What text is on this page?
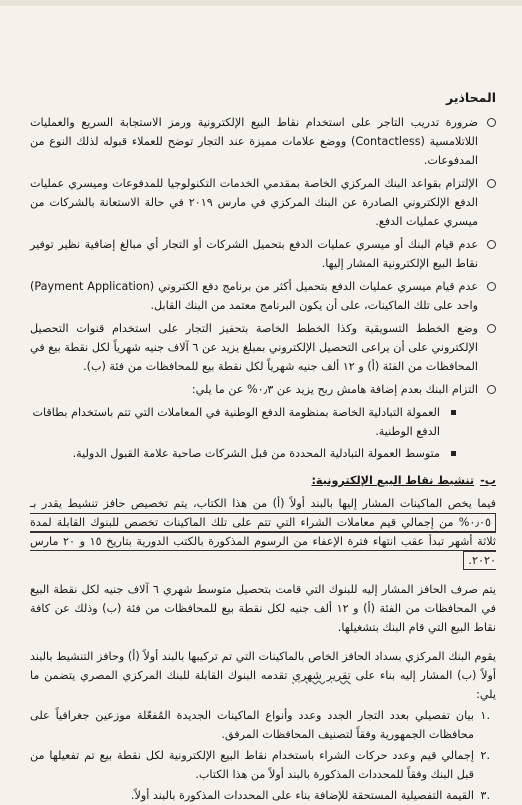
المحاذير
ضرورة تدريب التاجر على استخدام نقاط البيع الإلكترونية ورمز الاستجابة السريع والعمليات اللاتلامسية (Contactless) ووضع علامات مميزة عند التجار توضح للعملاء قبوله لذلك النوع من المدفوعات.
الإلتزام بقواعد البنك المركزي الخاصة بمقدمي الخدمات التكنولوجيا للمدفوعات وميسري عمليات الدفع الإلكتروني الصادرة عن البنك المركزي في مارس ٢٠١٩ في حالة الاستعانة بالشركات من ميسري عمليات الدفع.
عدم قيام البنك أو ميسري عمليات الدفع بتحميل الشركات أو التجار أي مبالغ إضافية نظير توفير نقاط البيع الإلكترونية المشار إليها.
عدم قيام ميسري عمليات الدفع بتحميل أكثر من برنامج دفع الكتروني (Payment Application) واحد على تلك الماكينات، على أن يكون البرنامج معتمد من البنك القابل.
وضع الخطط التسويقية وكذا الخطط الخاصة بتحفيز التجار على استخدام قنوات التحصيل الإلكتروني على أن يراعى التحصيل الإلكتروني بمبلغ يزيد عن ٦ آلاف جنيه شهرياً لكل نقطة بيع في المحافظات من الفئة (أ) و ١٢ ألف جنيه شهرياً لكل نقطة بيع للمحافظات من فئة (ب).
التزام البنك بعدم إضافة هامش ربح يزيد عن ٠٫٣% عن ما يلي:
العمولة التبادلية الخاصة بمنظومة الدفع الوطنية في المعاملات التي تتم باستخدام بطاقات الدفع الوطنية.
متوسط العمولة التبادلية المحددة من قبل الشركات صاحبة علامة القبول الدولية.
ب-تنشيط نقاط البيع الإلكترونية:

فيما يخص الماكينات المشار إليها بالبند أولاً (أ) من هذا الكتاب، يتم تخصيص حافز تنشيط يقدر بـ ٠٫٠٥% من إجمالي قيم معاملات الشراء التي تتم على تلك الماكينات تخصص للبنوك القابلة لمدة ثلاثة أشهر تبدأ عقب انتهاء فترة الإعفاء من الرسوم المذكورة بالكتب الدورية بتاريخ ١٥ و ٢٠ مارس ٢٠٢٠.

يتم صرف الحافز المشار إليه للبنوك التي قامت بتحصيل متوسط شهري ٦ آلاف جنيه لكل نقطة البيع في المحافظات من الفئة (أ) و ١٢ ألف جنيه لكل نقطة بيع للمحافظات من فئة (ب) وذلك عن كافة نقاط البيع التي قام البنك بتشغيلها.

يقوم البنك المركزي بسداد الحافز الخاص بالماكينات التي تم تركيبها بالبند أولاً (أ) وحافز التنشيط بالبند أولاً (ب) المشار إليه بناء على تقرير شهري تقدمه البنوك القابلة للبنك المركزي المصري يتضمن ما يلي:

.١
بيان تفصيلي بعدد التجار الجدد وعدد وأنواع الماكينات الجديدة المُفعّلة موزعين جغرافياً على محافظات الجمهورية وفقاً لتصنيف المحافظات المرفق.
.٢
إجمالي قيم وعدد حركات الشراء باستخدام نقاط البيع الإلكترونية لكل نقطة بيع تم تفعيلها من قبل البنك وفقاً للمحددات المذكورة بالبند أولاً من هذا الكتاب.
.٣
القيمة التفصيلية المستحقة للإضافة بناء على المحددات المذكورة بالبند أولاً.
